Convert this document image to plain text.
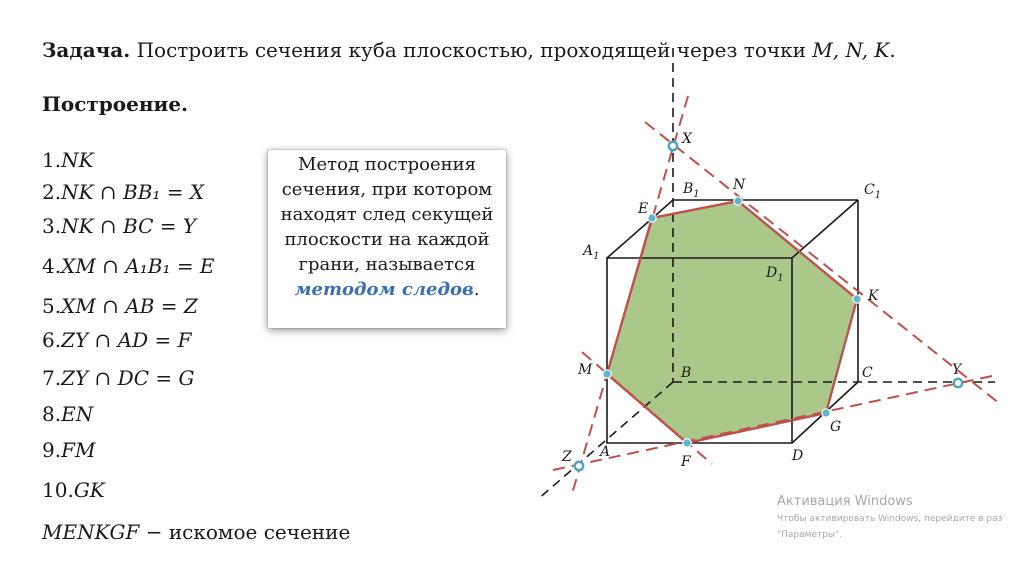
Задача. Построить сечения куба плоскостью, проходящей через точки M, N, K.
Построение.
1.NK
2.NK ∩ BB₁ = X
3.NK ∩ BC = Y
4.XM ∩ A₁B₁ = E
5.XM ∩ AB = Z
6.ZY ∩ AD = F
7.ZY ∩ DC = G
8.EN
9.FM
10.GK
MENKGF − искомое сечение
Метод построения
сечения, при котором
находят след секущей
плоскости на каждой
грани, называется
методом следов.
X
N
$B_1$	$C_1$
E
$A_1$
$D_1$
K
M	B	C	Y
G
Z A
F	D
Активация Windows
Чтобы активировать Windows, перейдите в раз
"Параметры".
